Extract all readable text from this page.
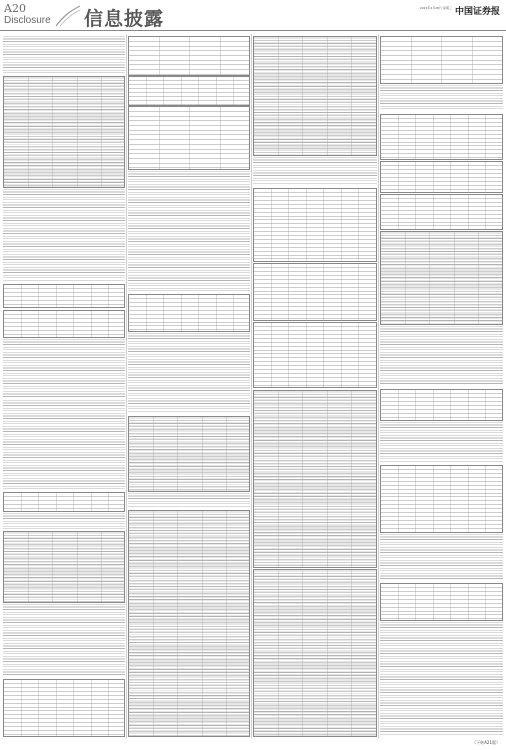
A20
Disclosure 信息披露	2021年4月28日 星期三 中国证券报
（下转A21版）
